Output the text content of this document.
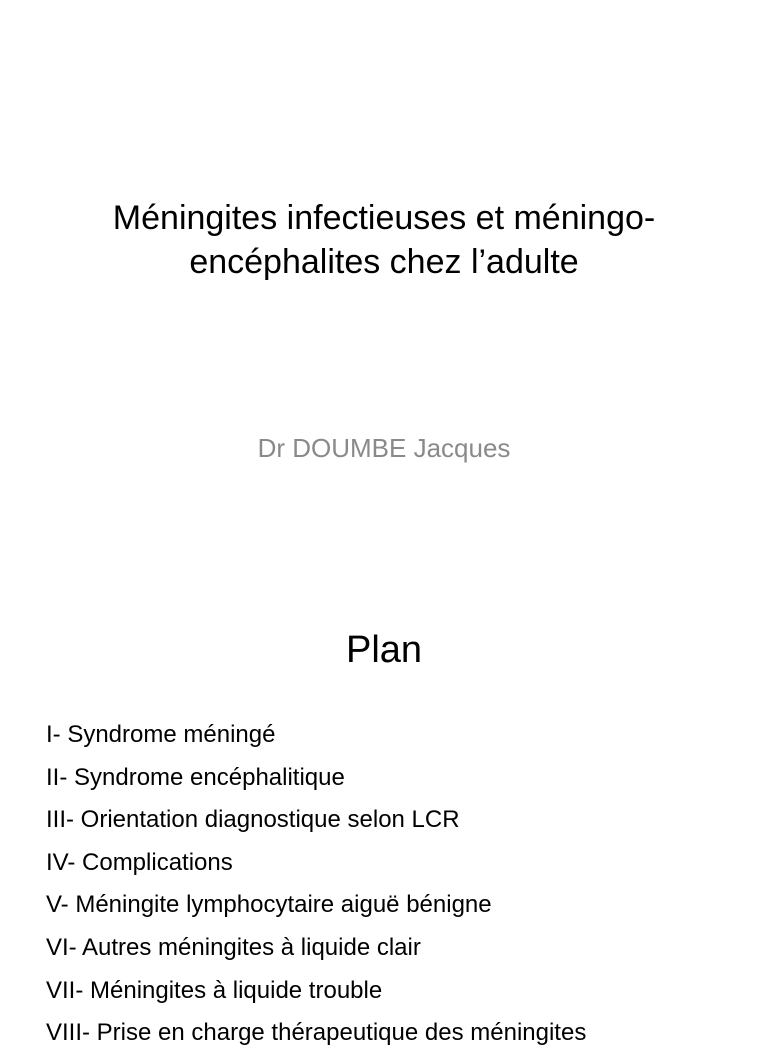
Méningites infectieuses et méningo-
encéphalites chez l’adulte

Dr DOUMBE Jacques

Plan
I- Syndrome méningé
II- Syndrome encéphalitique
III- Orientation diagnostique selon LCR
IV- Complications
V- Méningite lymphocytaire aiguë bénigne
VI- Autres méningites à liquide clair
VII- Méningites à liquide trouble
VIII- Prise en charge thérapeutique des méningites
